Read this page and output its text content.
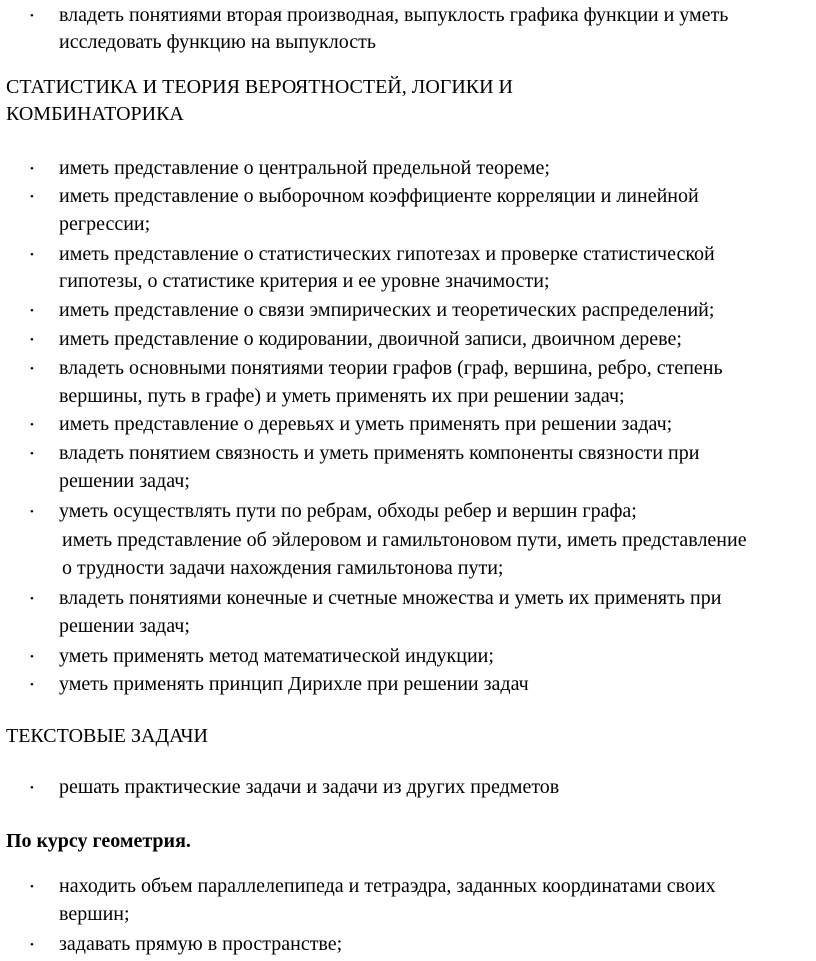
• владеть понятиями вторая производная, выпуклость графика функции и уметь
исследовать функцию на выпуклость
СТАТИСТИКА И ТЕОРИЯ ВЕРОЯТНОСТЕЙ, ЛОГИКИ И
КОМБИНАТОРИКА
• иметь представление о центральной предельной теореме;
• иметь представление о выборочном коэффициенте корреляции и линейной
регрессии;
• иметь представление о статистических гипотезах и проверке статистической
гипотезы, о статистике критерия и ее уровне значимости;
• иметь представление о связи эмпирических и теоретических распределений;
• иметь представление о кодировании, двоичной записи, двоичном дереве;
• владеть основными понятиями теории графов (граф, вершина, ребро, степень
вершины, путь в графе) и уметь применять их при решении задач;
• иметь представление о деревьях и уметь применять при решении задач;
• владеть понятием связность и уметь применять компоненты связности при
решении задач;
• уметь осуществлять пути по ребрам, обходы ребер и вершин графа;
иметь представление об эйлеровом и гамильтоновом пути, иметь представление
о трудности задачи нахождения гамильтонова пути;
• владеть понятиями конечные и счетные множества и уметь их применять при
решении задач;
• уметь применять метод математической индукции;
• уметь применять принцип Дирихле при решении задач
ТЕКСТОВЫЕ ЗАДАЧИ
• решать практические задачи и задачи из других предметов
По курсу геометрия.
• находить объем параллелепипеда и тетраэдра, заданных координатами своих
вершин;
• задавать прямую в пространстве;
